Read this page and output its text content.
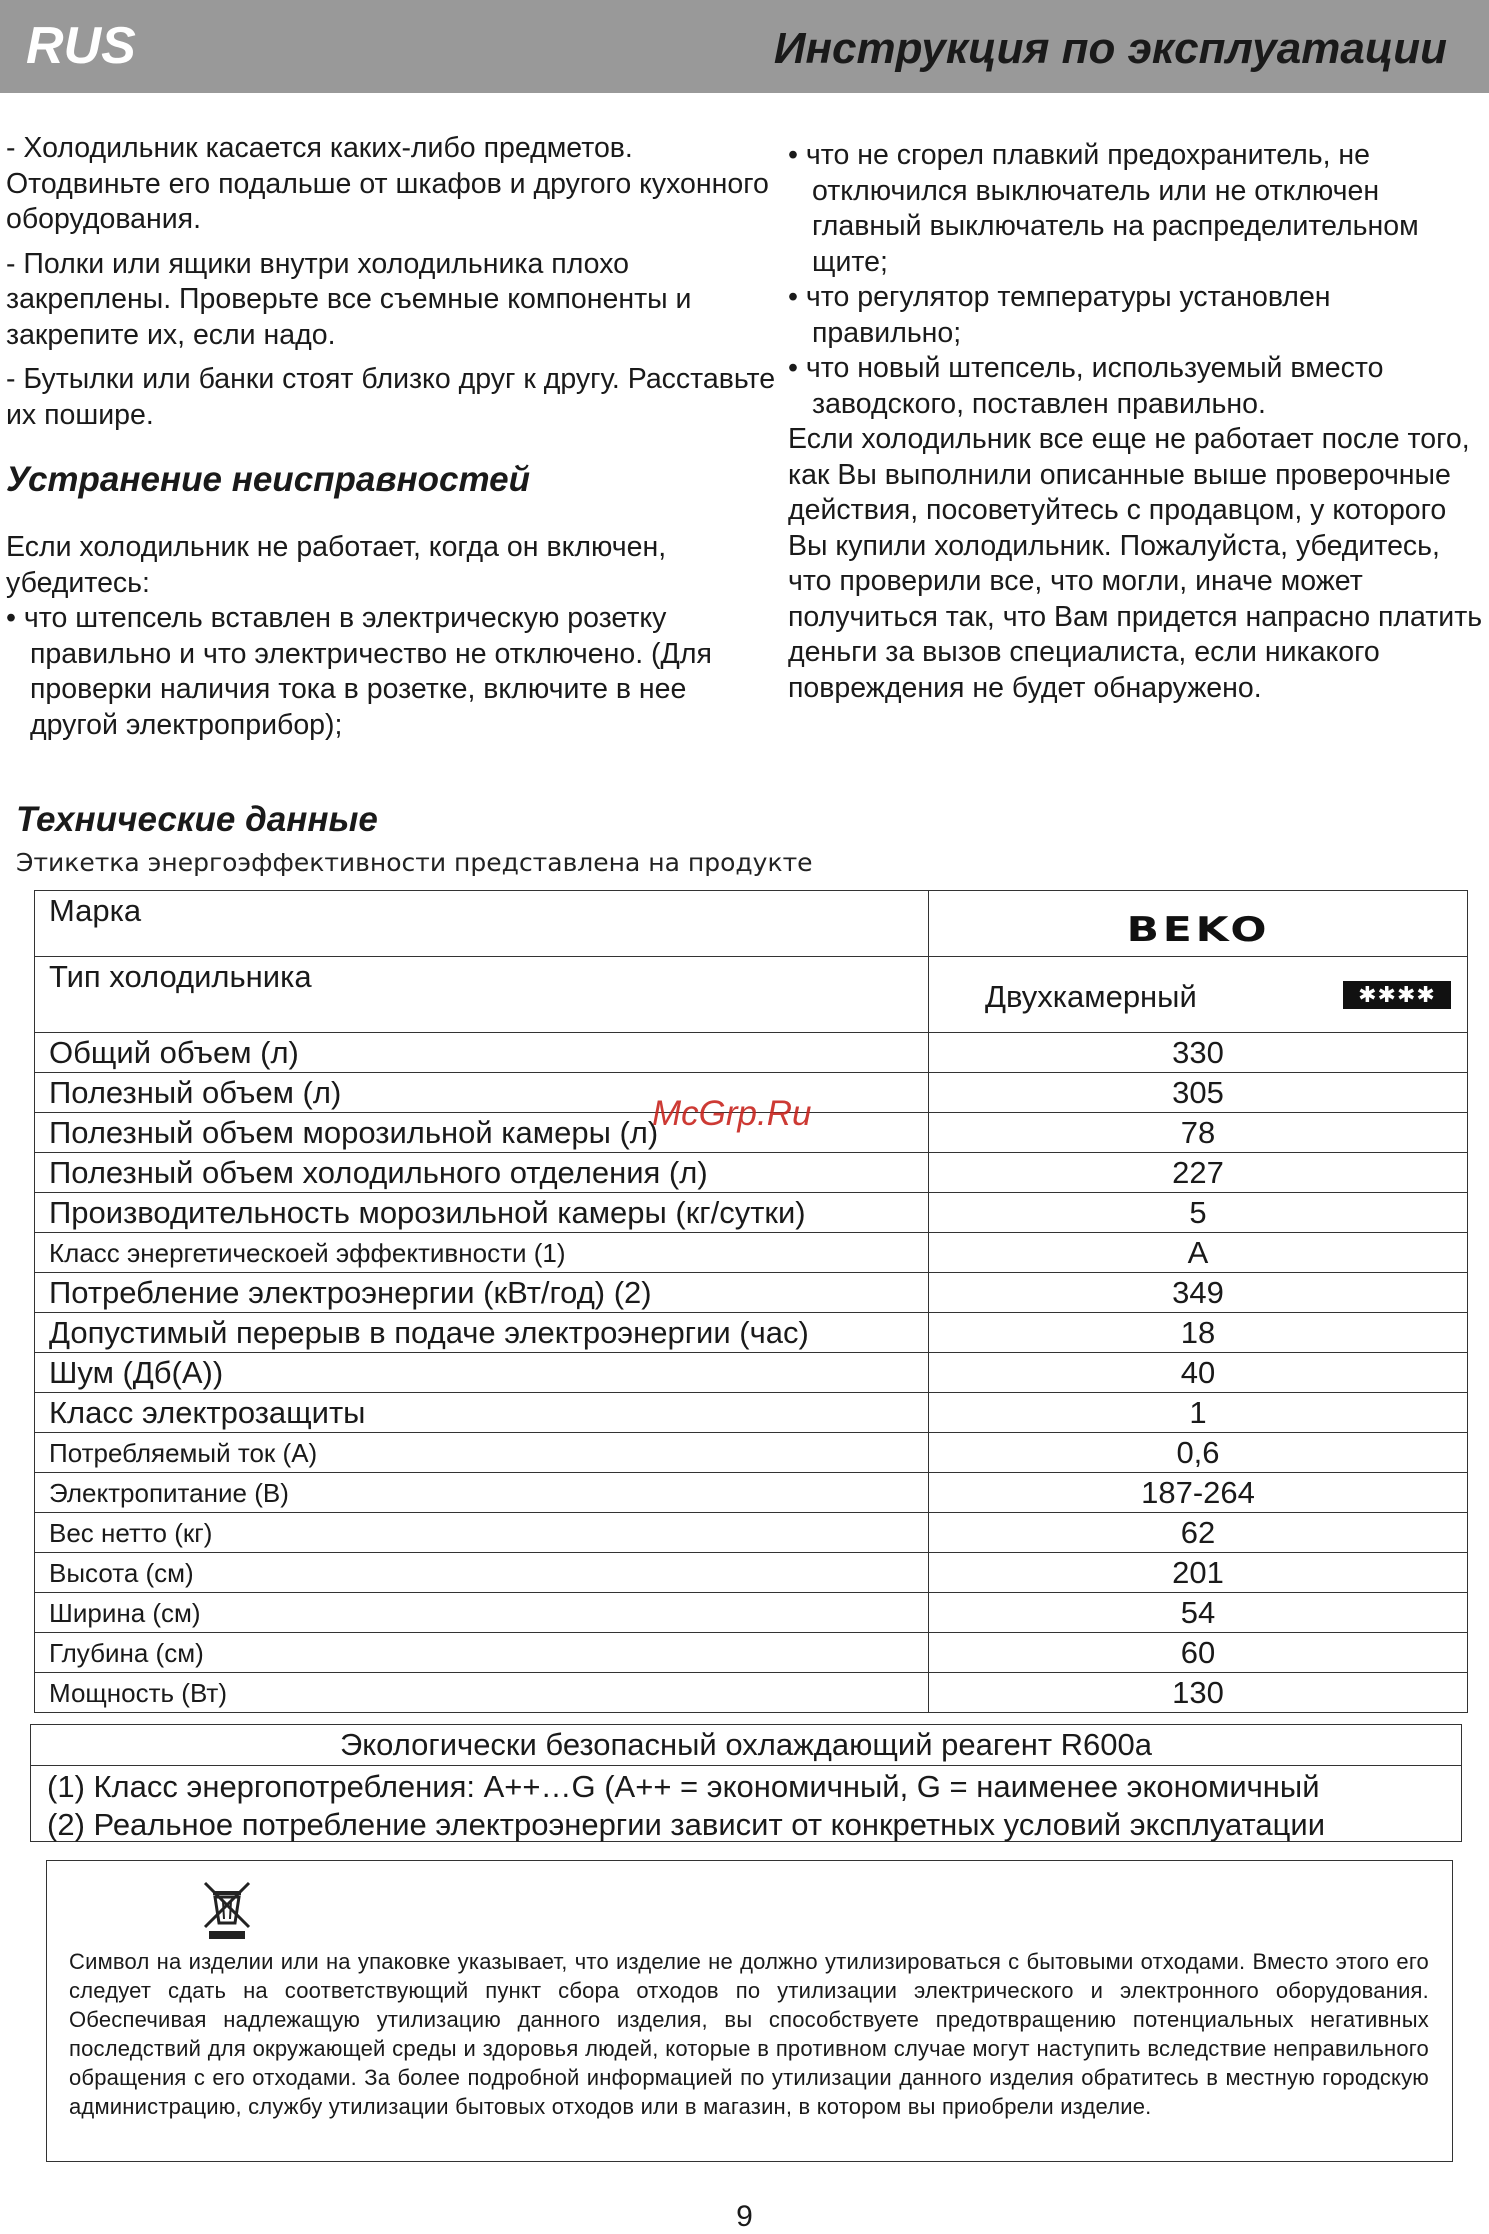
RUS	Инструкция по эксплуатации

- Холодильник касается каких-либо предметов. Отодвиньте его подальше от шкафов и другого кухонного оборудования.

- Полки или ящики внутри холодильника плохо закреплены. Проверьте все съемные компоненты и закрепите их, если надо.

- Бутылки или банки стоят близко друг к другу. Расставьте их пошире.

Устранение неисправностей

Если холодильник не работает, когда он включен, убедитесь:

• что штепсель вставлен в электрическую розетку правильно и что электричество не отключено. (Для проверки наличия тока в розетке, включите в нее другой электроприбор);

• что не сгорел плавкий предохранитель, не отключился выключатель или не отключен главный выключатель на распределительном щите;

• что регулятор температуры установлен правильно;

• что новый штепсель, используемый вместо заводского, поставлен правильно.

Если холодильник все еще не работает после того, как Вы выполнили описанные выше проверочные действия, посоветуйтесь с продавцом, у которого Вы купили холодильник. Пожалуйста, убедитесь, что проверили все, что могли, иначе может получиться так, что Вам придется напрасно платить деньги за вызов специалиста, если никакого повреждения не будет обнаружено.

Технические данные
Этикетка энергоэффективности представлена на продукте
Марка	BEKO
Тип холодильника	Двухкамерный ✱✱✱✱

Общий объем (л)	330
Полезный объем (л)	305
Полезный объем морозильной камеры (л)	78
Полезный объем холодильного отделения (л)	227
Производительность морозильной камеры (кг/сутки)	5
Класс энергетическоей эффективности (1)	A
Потребление электроэнергии (кВт/год) (2)	349
Допустимый перерыв в подаче электроэнергии (час)	18
Шум (Дб(А))	40
Класс электрозащиты	1
Потребляемый ток (А)	0,6
Электропитание (В)	187-264
Вес нетто (кг)	62
Высота (см)	201
Ширина (см)	54
Глубина (см)	60
Мощность (Вт)	130
Экологически безопасный охлаждающий реагент R600a
(1) Класс энергопотребления: A++…G (A++ = экономичный, G = наименее экономичный
(2) Реальное потребление электроэнергии зависит от конкретных условий эксплуатации
McGrp.Ru
Символ на изделии или на упаковке указывает, что изделие не должно утилизироваться с бытовыми отходами. Вместо этого его следует сдать на соответствующий пункт сбора отходов по утилизации электрического и электронного оборудования. Обеспечивая надлежащую утилизацию данного изделия, вы способствуете предотвращению потенциальных негативных последствий для окружающей среды и здоровья людей, которые в противном случае могут наступить вследствие неправильного обращения с его отходами. За более подробной информацией по утилизации данного изделия обратитесь в местную городскую администрацию, службу утилизации бытовых отходов или в магазин, в котором вы приобрели изделие.
9
